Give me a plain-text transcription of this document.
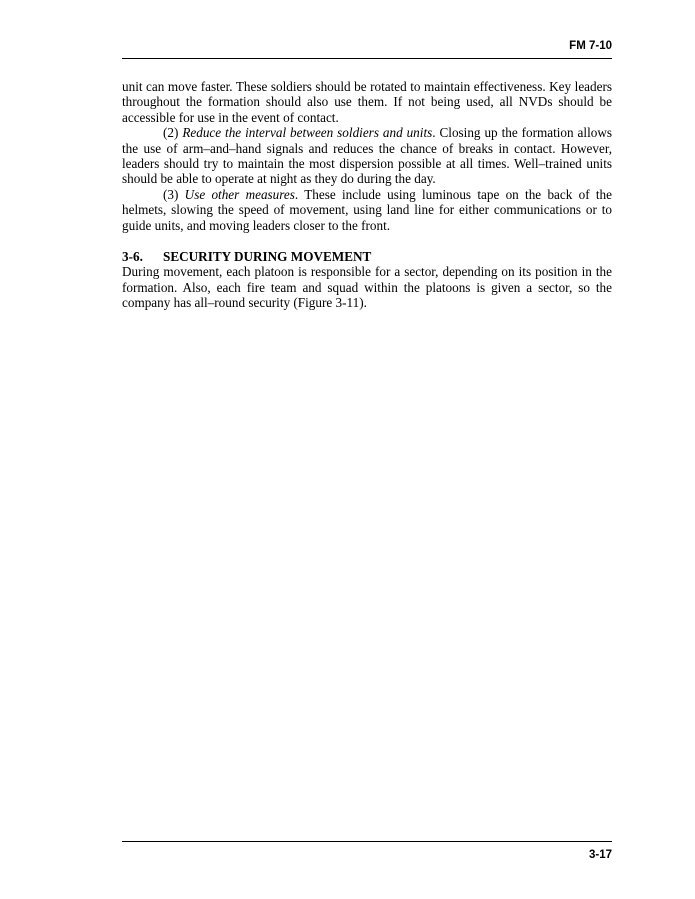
FM 7-10

unit can move faster. These soldiers should be rotated to maintain effectiveness. Key leaders throughout the formation should also use them. If not being used, all NVDs should be accessible for use in the event of contact.

(2) Reduce the interval between soldiers and units. Closing up the formation allows the use of arm–and–hand signals and reduces the chance of breaks in contact. However, leaders should try to maintain the most dispersion possible at all times. Well–trained units should be able to operate at night as they do during the day.

(3) Use other measures. These include using luminous tape on the back of the helmets, slowing the speed of movement, using land line for either communications or to guide units, and moving leaders closer to the front.

3-6.	SECURITY DURING MOVEMENT

During movement, each platoon is responsible for a sector, depending on its position in the formation. Also, each fire team and squad within the platoons is given a sector, so the company has all–round security (Figure 3-11).

3-17
